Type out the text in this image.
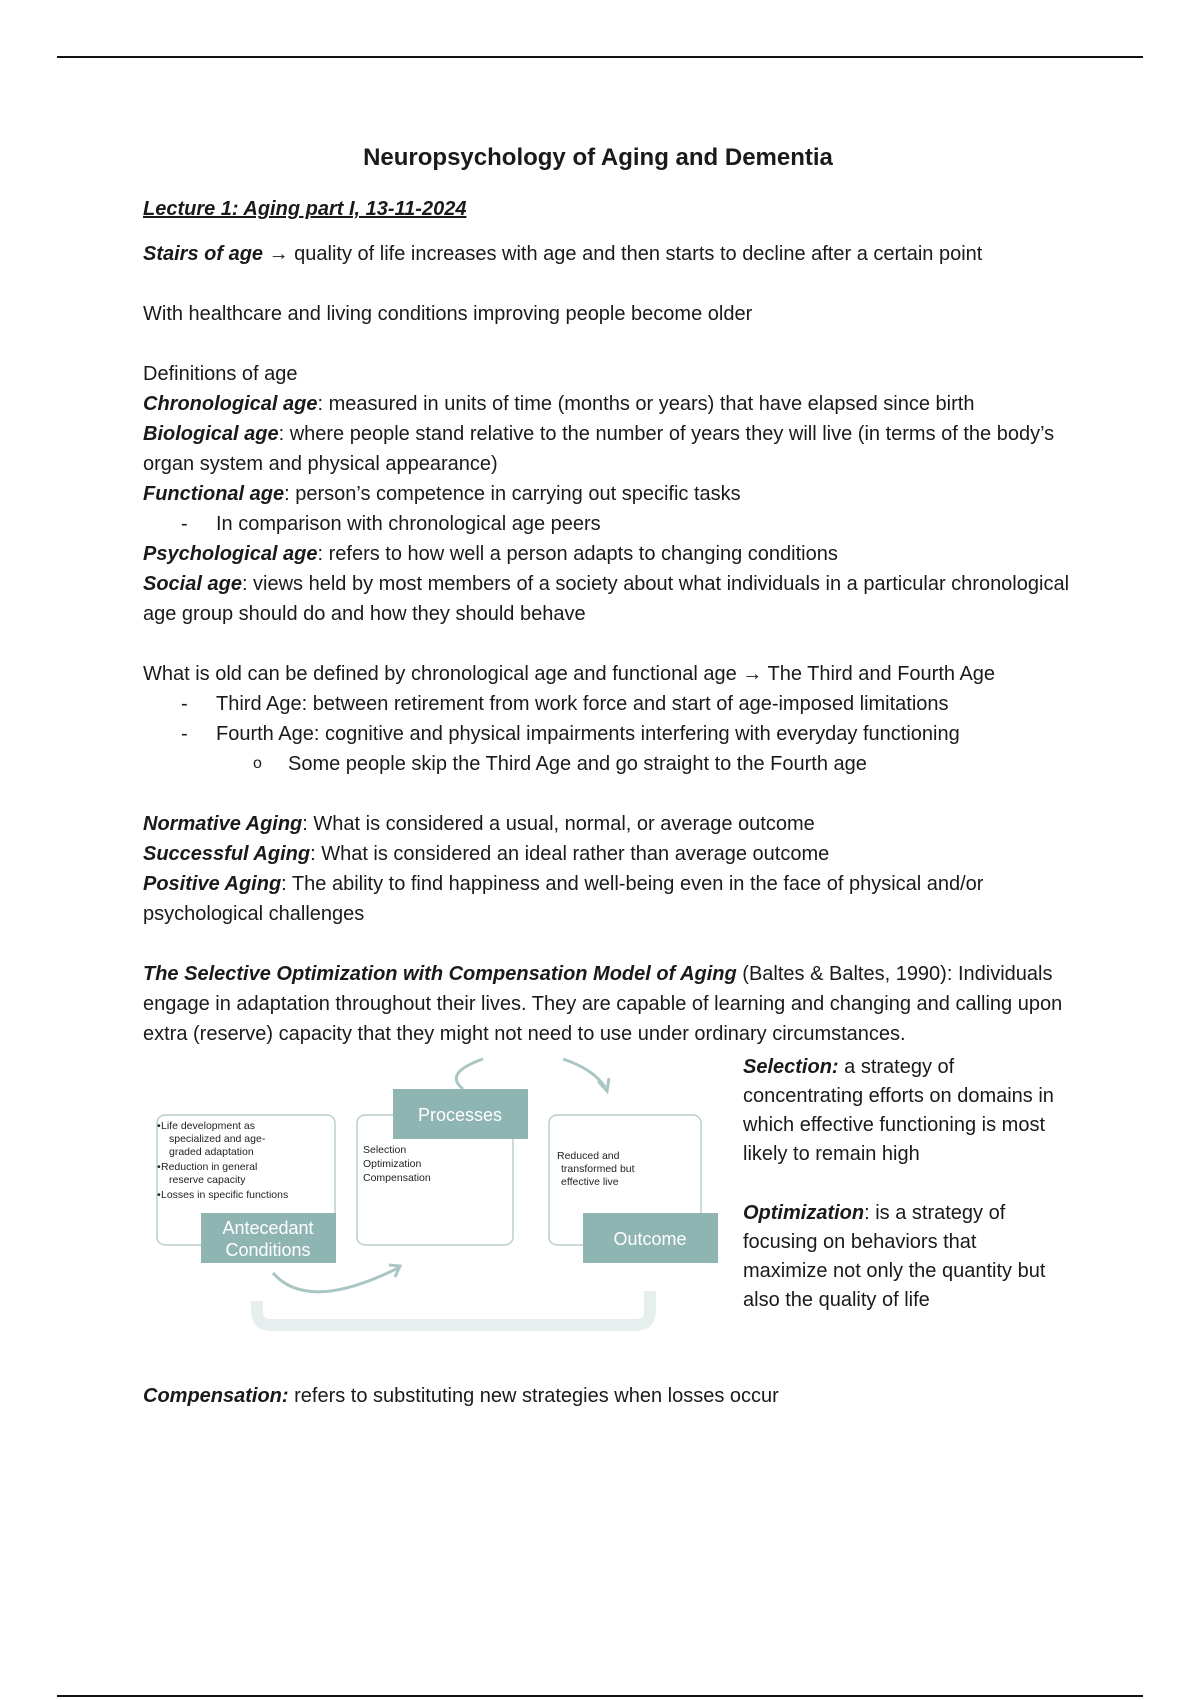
Neuropsychology of Aging and Dementia
Lecture 1: Aging part I, 13-11-2024

Stairs of age → quality of life increases with age and then starts to decline after a certain point

With healthcare and living conditions improving people become older

Definitions of age

Chronological age: measured in units of time (months or years) that have elapsed since birth

Biological age: where people stand relative to the number of years they will live (in terms of the body’s organ system and physical appearance)

Functional age: person’s competence in carrying out specific tasks

- In comparison with chronological age peers

Psychological age: refers to how well a person adapts to changing conditions

Social age: views held by most members of a society about what individuals in a particular chronological age group should do and how they should behave

What is old can be defined by chronological age and functional age → The Third and Fourth Age

- Third Age: between retirement from work force and start of age-imposed limitations
- Fourth Age: cognitive and physical impairments interfering with everyday functioning
o Some people skip the Third Age and go straight to the Fourth age

Normative Aging: What is considered a usual, normal, or average outcome

Successful Aging: What is considered an ideal rather than average outcome

Positive Aging: The ability to find happiness and well-being even in the face of physical and/or psychological challenges

The Selective Optimization with Compensation Model of Aging (Baltes & Baltes, 1990): Individuals engage in adaptation throughout their lives. They are capable of learning and changing and calling upon extra (reserve) capacity that they might not need to use under ordinary circumstances.

Life development as
specialized and age-
graded adaptation
Reduction in general
reserve capacity
Losses in specific functions
•
•
•
Antecedant
Conditions
Selection
Optimization
Compensation
Processes
Reduced and
transformed but
effective live
Outcome

Selection: a strategy of concentrating efforts on domains in which effective functioning is most likely to remain high

Optimization: is a strategy of focusing on behaviors that maximize not only the quantity but also the quality of life

Compensation: refers to substituting new strategies when losses occur
